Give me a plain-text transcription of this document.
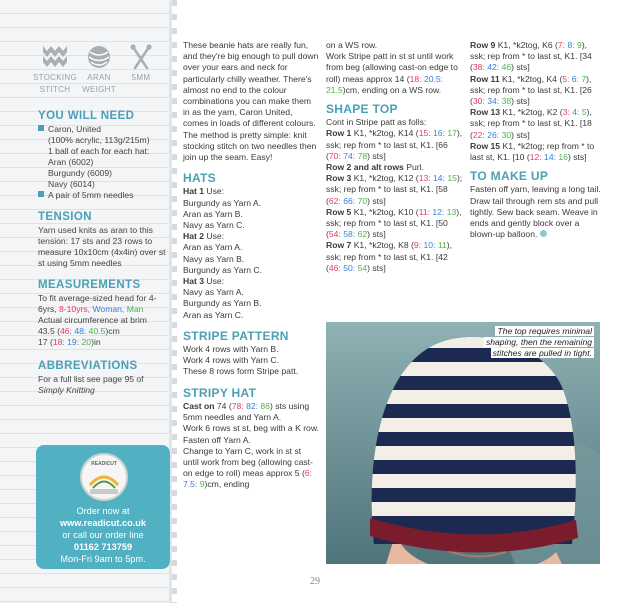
STOCKING
STITCH
ARAN
WEIGHT
5MM
YOU WILL NEED
Caron, United
(100% acrylic, 113g/215m)
1 ball of each for each hat:
Aran (6002)
Burgundy (6009)
Navy (6014)
A pair of 5mm needles
TENSION
Yarn used knits as aran to this tension: 17 sts and 23 rows to measure 10x10cm (4x4in) over st st using 5mm needles
MEASUREMENTS
To fit average-sized head for 4-6yrs, 8-10yrs, Woman, Man
Actual circumference at brim
43.5 (46: 48: 40.5)cm
17 (18: 19: 20)in
ABBREVIATIONS
For a full list see page 95 of
Simply Knitting
READICUT
Order now at
www.readicut.co.uk
or call our order line
01162 713759
Mon-Fri 9am to 5pm.

These beanie hats are really fun, and they're big enough to pull down over your ears and neck for particularly chilly weather. There's almost no end to the colour combinations you can make them in as the yarn, Caron United, comes in loads of different colours. The method is pretty simple: knit stocking stitch on two needles then join up the seam. Easy!

HATS
Hat 1 Use:
Burgundy as Yarn A.
Aran as Yarn B.
Navy as Yarn C.
Hat 2 Use:
Aran as Yarn A.
Navy as Yarn B.
Burgundy as Yarn C.
Hat 3 Use:
Navy as Yarn A.
Burgundy as Yarn B.
Aran as Yarn C.
STRIPE PATTERN
Work 4 rows with Yarn B.
Work 4 rows with Yarn C.
These 8 rows form Stripe patt.
STRIPY HAT

Cast on 74 (78: 82: 86) sts using 5mm needles and Yarn A.

Work 6 rows st st, beg with a K row.

Fasten off Yarn A.

Change to Yarn C, work in st st until work from beg (allowing cast-on edge to roll) meas approx 5 (6: 7.5: 9)cm, ending

on a WS row.

Work Stripe patt in st st until work from beg (allowing cast-on edge to roll) meas approx 14 (18: 20.5: 21.5)cm, ending on a WS row.

SHAPE TOP

Cont in Stripe patt as folls:

Row 1 K1, *k2tog, K14 (15: 16: 17), ssk; rep from * to last st, K1. [66 (70: 74: 78) sts]

Row 2 and alt rows Purl.

Row 3 K1, *k2tog, K12 (13: 14: 15); ssk; rep from * to last st, K1. [58 (62: 66: 70) sts]

Row 5 K1, *k2tog, K10 (11: 12: 13), ssk; rep from * to last st, K1. [50 (54: 58: 62) sts]

Row 7 K1, *k2tog, K8 (9: 10: 11), ssk; rep from * to last st, K1. [42 (46: 50: 54) sts]

Row 9 K1, *k2tog, K6 (7: 8: 9), ssk; rep from * to last st, K1. [34 (38: 42: 46) sts]

Row 11 K1, *k2tog, K4 (5: 6: 7), ssk; rep from * to last st, K1. [26 (30: 34: 38) sts]

Row 13 K1, *k2tog, K2 (3: 4: 5), ssk; rep from * to last st, K1. [18 (22: 26: 30) sts]

Row 15 K1, *k2tog; rep from * to last st, K1. [10 (12: 14: 16) sts]

TO MAKE UP

Fasten off yarn, leaving a long tail. Draw tail through rem sts and pull tightly. Sew back seam. Weave in ends and gently block over a blown-up balloon.

The top requires minimal shaping, then the remaining stitches are pulled in tight.
29
